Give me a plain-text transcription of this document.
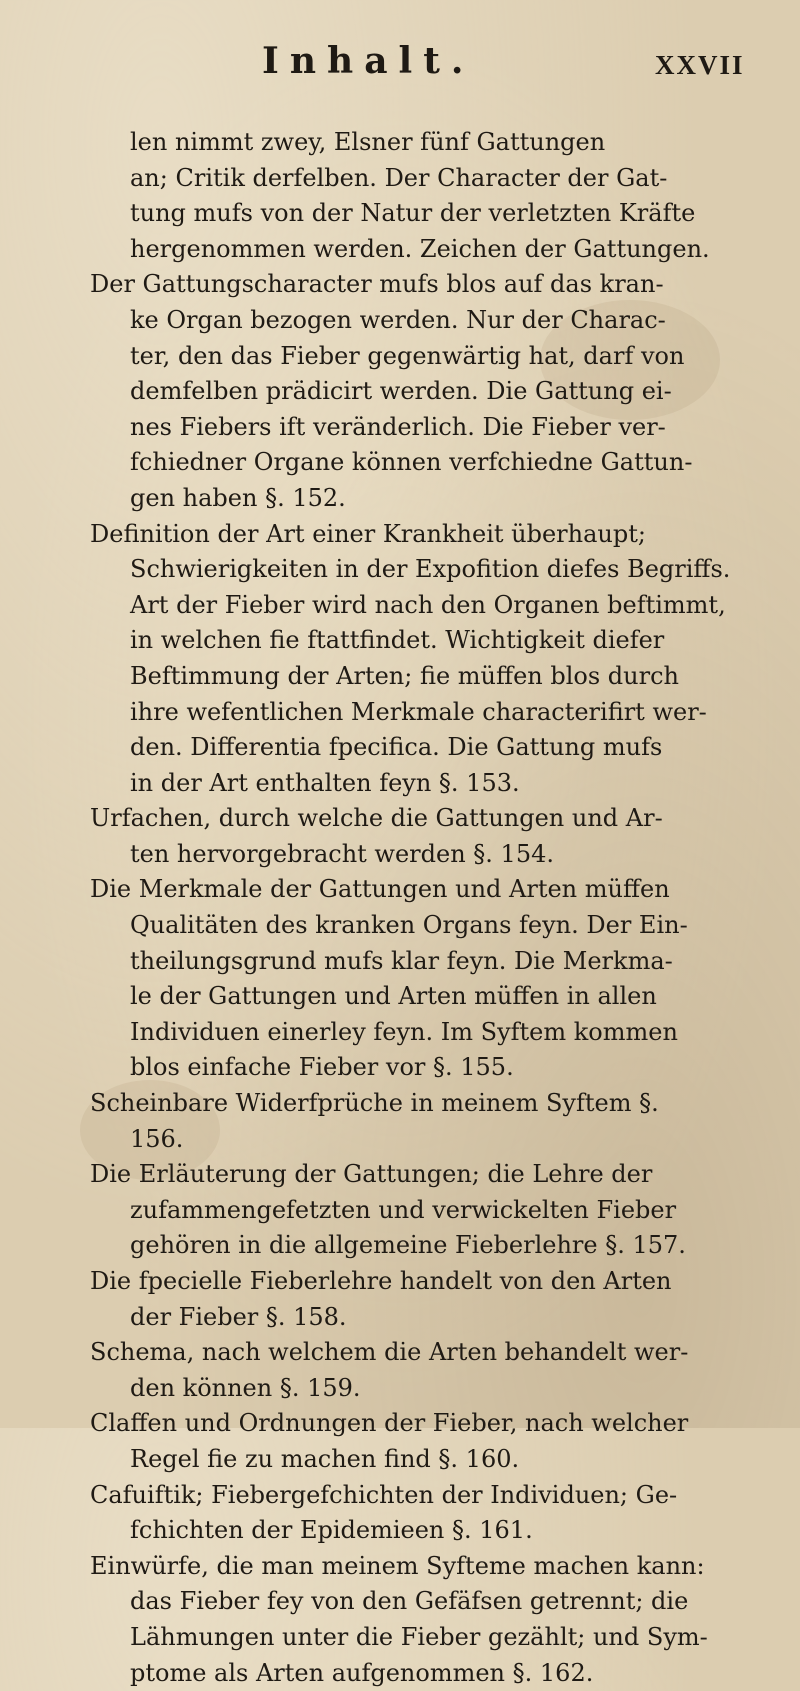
Inhalt.	XXVII
len nimmt zwey, Elsner fünf Gattungen
an; Critik derfelben. Der Character der Gat-
tung mufs von der Natur der verletzten Kräfte
hergenommen werden. Zeichen der Gattungen.
Der Gattungscharacter mufs blos auf das kran-
ke Organ bezogen werden. Nur der Charac-
ter, den das Fieber gegenwärtig hat, darf von
demfelben prädicirt werden. Die Gattung ei-
nes Fiebers ift veränderlich. Die Fieber ver-
fchiedner Organe können verfchiedne Gattun-
gen haben §. 152.
Definition der Art einer Krankheit überhaupt;
Schwierigkeiten in der Expofition diefes Begriffs.
Art der Fieber wird nach den Organen beftimmt,
in welchen fie ftattfindet. Wichtigkeit diefer
Beftimmung der Arten; fie müffen blos durch
ihre wefentlichen Merkmale characterifirt wer-
den. Differentia fpecifica. Die Gattung mufs
in der Art enthalten feyn §. 153.
Urfachen, durch welche die Gattungen und Ar-
ten hervorgebracht werden §. 154.
Die Merkmale der Gattungen und Arten müffen
Qualitäten des kranken Organs feyn. Der Ein-
theilungsgrund mufs klar feyn. Die Merkma-
le der Gattungen und Arten müffen in allen
Individuen einerley feyn. Im Syftem kommen
blos einfache Fieber vor §. 155.
Scheinbare Widerfprüche in meinem Syftem §.
156.
Die Erläuterung der Gattungen; die Lehre der
zufammengefetzten und verwickelten Fieber
gehören in die allgemeine Fieberlehre §. 157.
Die fpecielle Fieberlehre handelt von den Arten
der Fieber §. 158.
Schema, nach welchem die Arten behandelt wer-
den können §. 159.
Claffen und Ordnungen der Fieber, nach welcher
Regel fie zu machen find §. 160.
Cafuiftik; Fiebergefchichten der Individuen; Ge-
fchichten der Epidemieen §. 161.
Einwürfe, die man meinem Syfteme machen kann:
das Fieber fey von den Gefäfsen getrennt; die
Lähmungen unter die Fieber gezählt; und Sym-
ptome als Arten aufgenommen §. 162.
